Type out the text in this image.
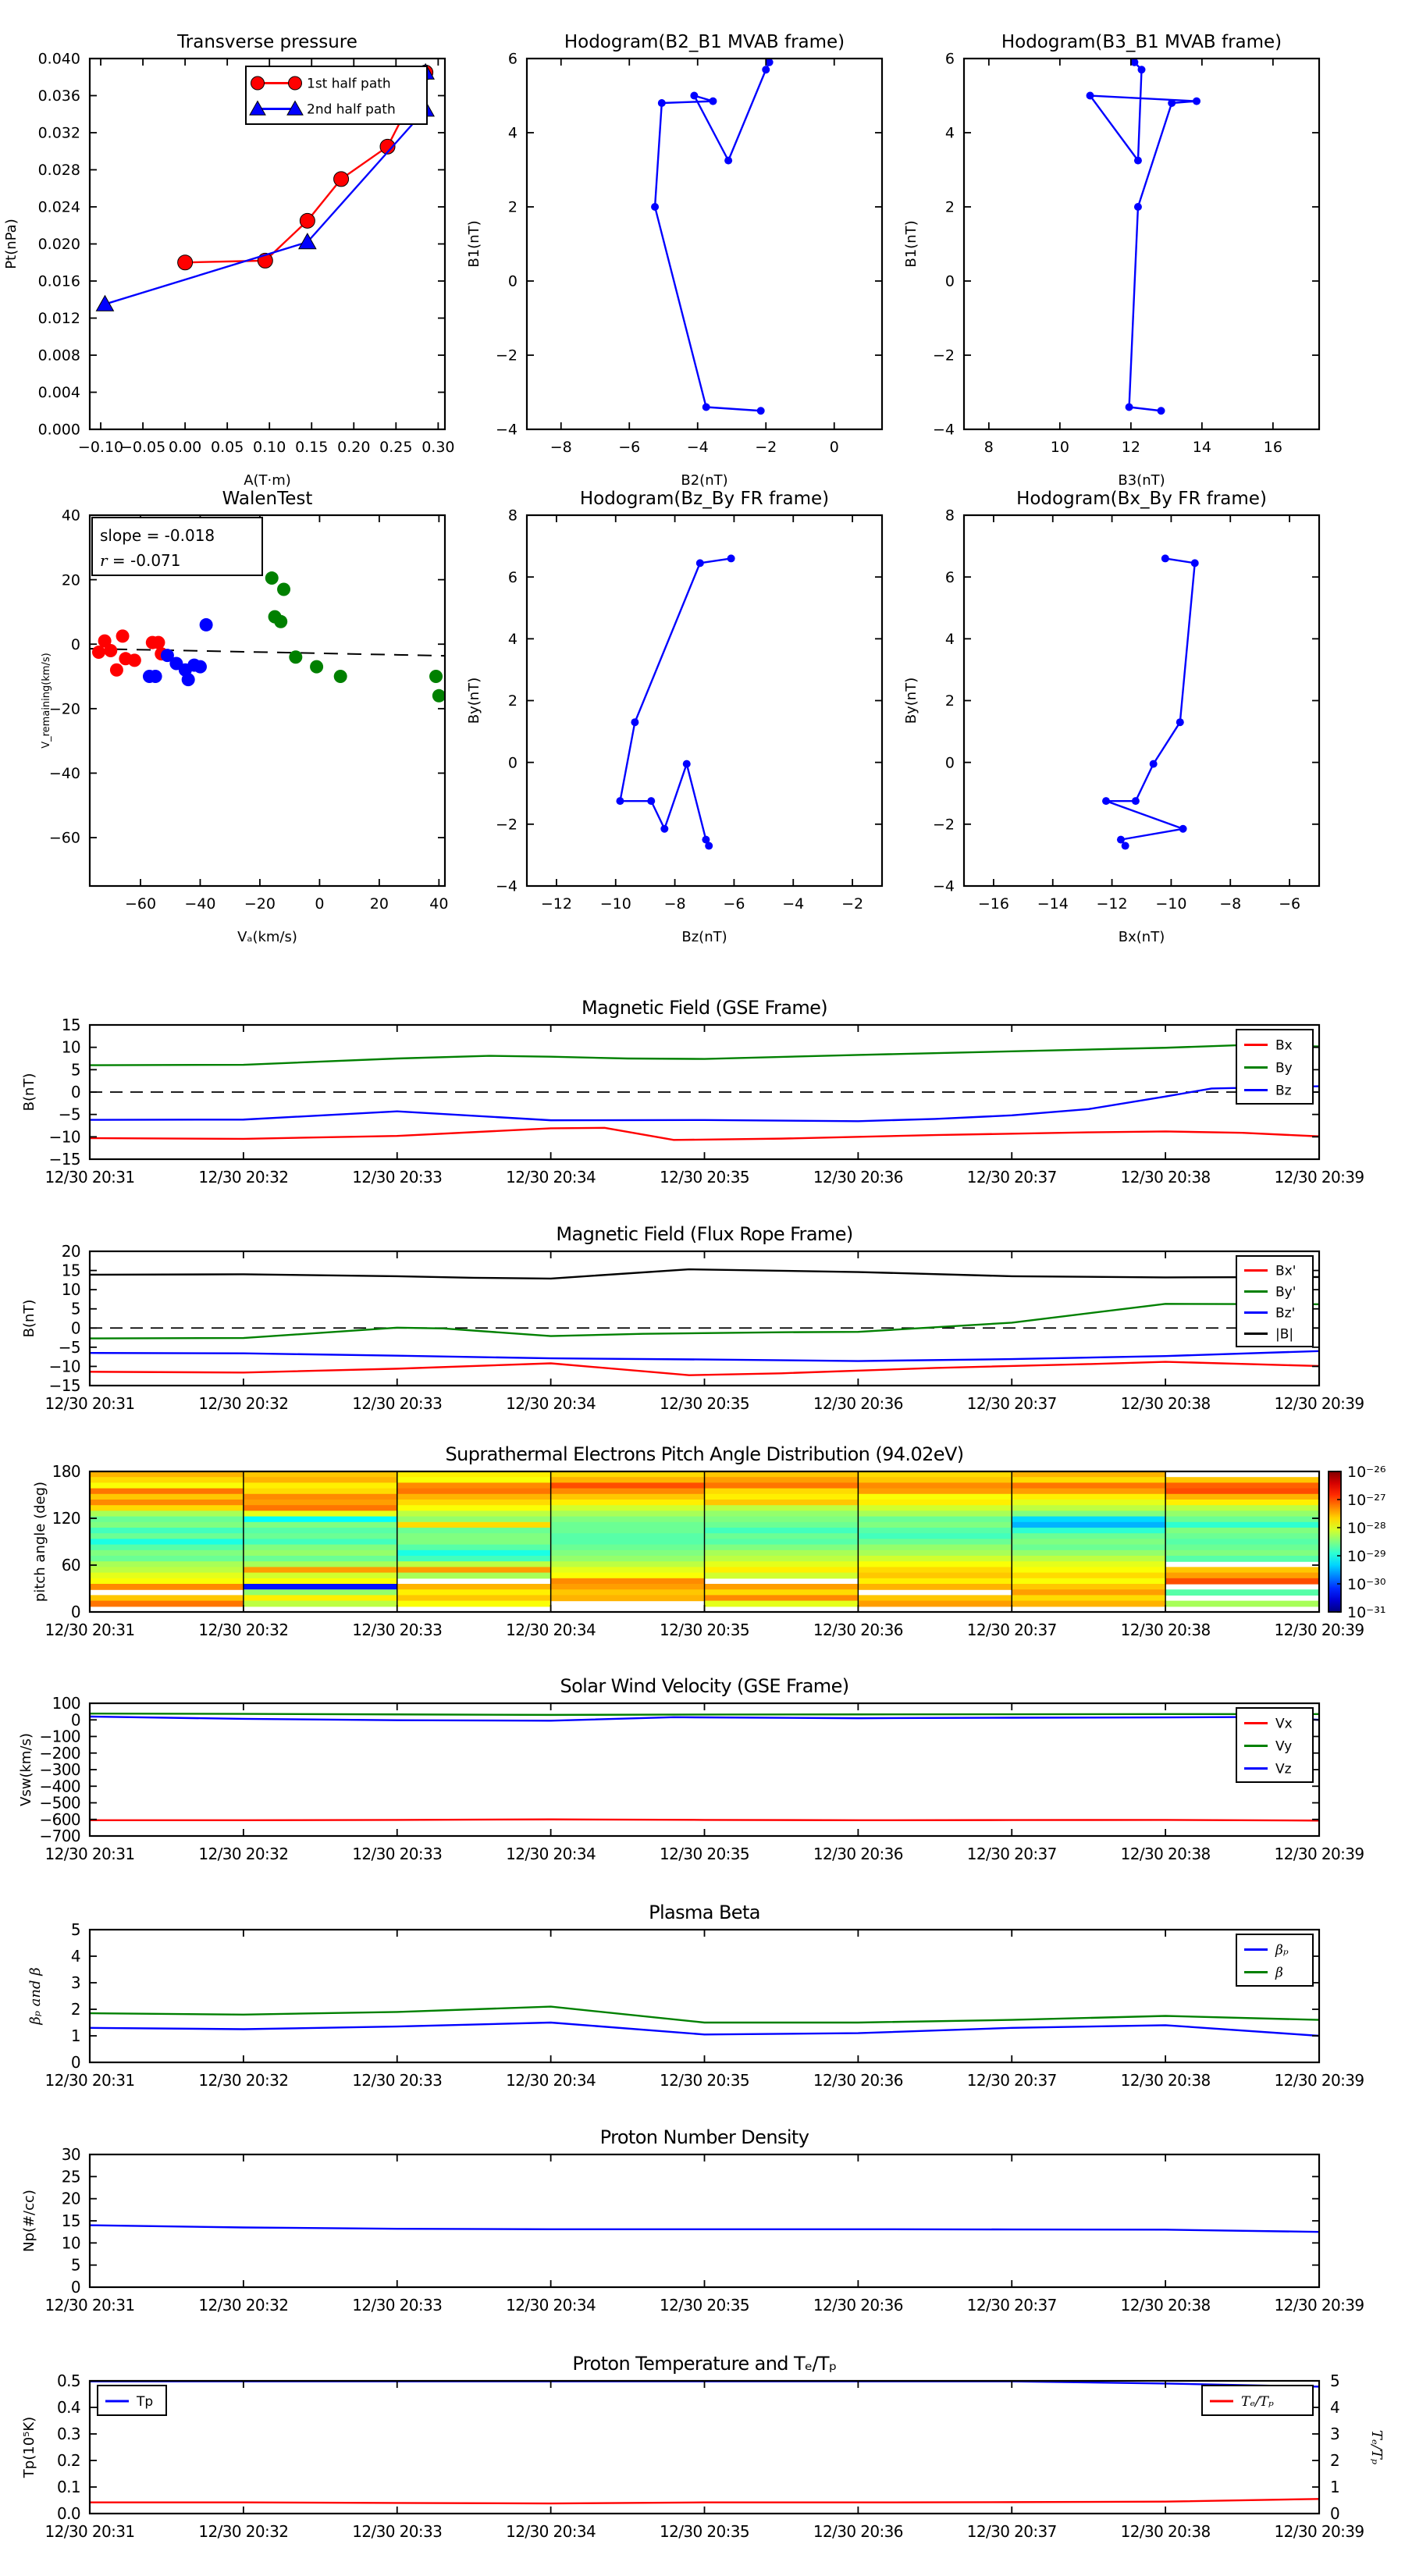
Transverse pressure
−0.10
−0.05 0.00 0.05 0.10 0.15 0.20 0.25 0.30
0.000
0.004
0.008
0.012
0.016
0.020
0.024
0.028
0.032
0.036
0.040
A(T·m)
Pt(nPa)
1st half path
2nd half path
Hodogram(B2_B1 MVAB frame)
−8	−6	−4	−2	0
−4
−2
0
2
4
6
B2(nT)
B1(nT)
Hodogram(B3_B1 MVAB frame)
8	10	12	14	16
−4
−2
0
2
4
6
B3(nT)
B1(nT)
WalenTest
−60 −40 −20	0	20	40
40
20
0
−20
−40
−60
Vₐ(km/s)
V_remaining(km/s)
slope = -0.018
r = -0.071
Hodogram(Bz_By FR frame)
−12 −10 −8	−6	−4	−2
−4
−2
0
2
4
6
8
Bz(nT)
By(nT)
Hodogram(Bx_By FR frame)
−16 −14 −12 −10 −8	−6
−4
−2
0
2
4
6
8
Bx(nT)
By(nT)
Magnetic Field (GSE Frame)
12/30 20:31	12/30 20:32	12/30 20:33	12/30 20:34	12/30 20:35	12/30 20:36	12/30 20:37	12/30 20:38	12/30 20:39
−15
−10
−5
0
5
10
15
B(nT)
Bx
By
Bz
Magnetic Field (Flux Rope Frame)
12/30 20:31	12/30 20:32	12/30 20:33	12/30 20:34	12/30 20:35	12/30 20:36	12/30 20:37	12/30 20:38	12/30 20:39
−15
−10
−5
0
5
10
15
20
B(nT)
Bx'
By'
Bz'
|B|
Suprathermal Electrons Pitch Angle Distribution (94.02eV)
12/30 20:31	12/30 20:32	12/30 20:33	12/30 20:34	12/30 20:35	12/30 20:36	12/30 20:37	12/30 20:38	12/30 20:39
0
60
120
180
pitch angle (deg)
10⁻²⁶
10⁻²⁷
10⁻²⁸
10⁻²⁹
10⁻³⁰
10⁻³¹
Solar Wind Velocity (GSE Frame)
12/30 20:31	12/30 20:32	12/30 20:33	12/30 20:34	12/30 20:35	12/30 20:36	12/30 20:37	12/30 20:38	12/30 20:39
100
0
−100
−200
−300
−400
−500
−600
−700
Vsw(km/s)
Vx
Vy
Vz
Plasma Beta
12/30 20:31	12/30 20:32	12/30 20:33	12/30 20:34	12/30 20:35	12/30 20:36	12/30 20:37	12/30 20:38	12/30 20:39
0
1
2
3
4
5
βₚ and β
βₚ
β
Proton Number Density
12/30 20:31	12/30 20:32	12/30 20:33	12/30 20:34	12/30 20:35	12/30 20:36	12/30 20:37	12/30 20:38	12/30 20:39
0
5
10
15
20
25
30
Np(#/cc)
Proton Temperature and Tₑ/Tₚ
12/30 20:31	12/30 20:32	12/30 20:33	12/30 20:34	12/30 20:35	12/30 20:36	12/30 20:37	12/30 20:38	12/30 20:39
0.0
0.1
0.2
0.3
0.4
0.5
0
1
2
3
4
5
Tₑ/Tₚ
Tp(10⁵K)
Tp	Tₑ/Tₚ
